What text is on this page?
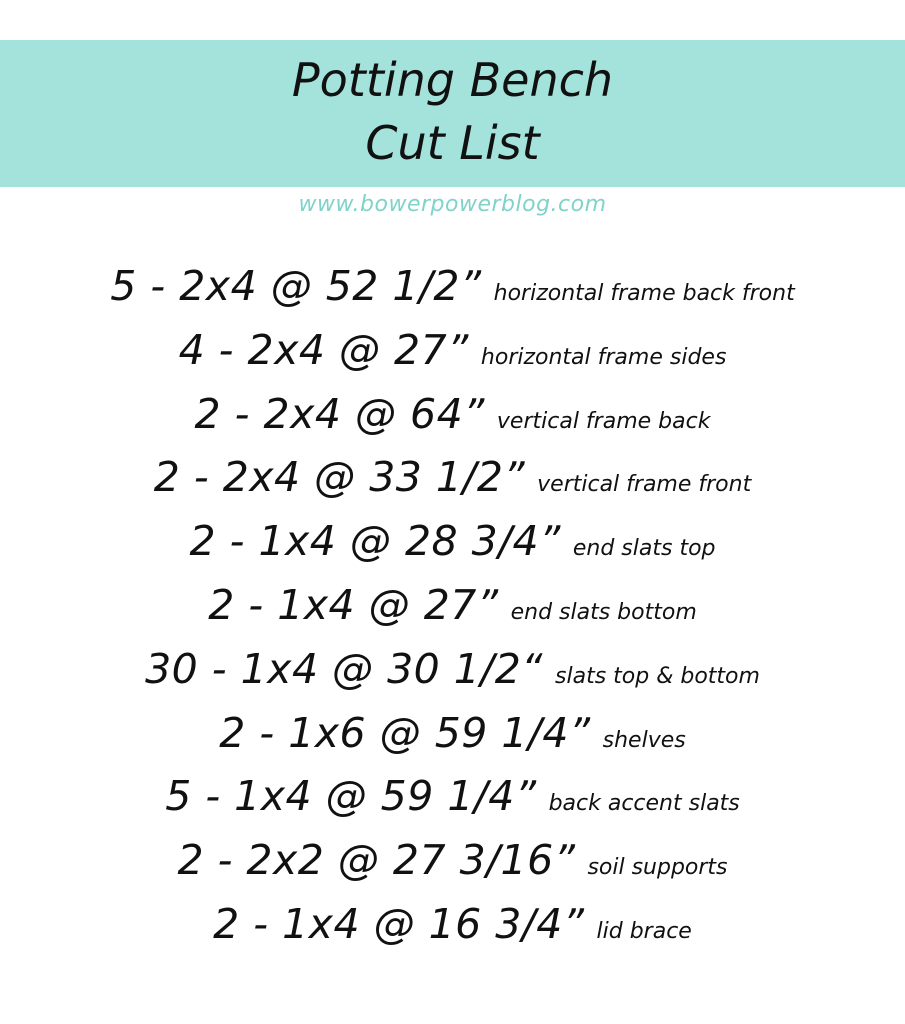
Potting Bench
Cut List
www.bowerpowerblog.com
5 - 2x4 @ 52 1/2” horizontal frame back front
4 - 2x4 @ 27” horizontal frame sides
2 - 2x4 @ 64” vertical frame back
2 - 2x4 @ 33 1/2” vertical frame front
2 - 1x4 @ 28 3/4” end slats top
2 - 1x4 @ 27” end slats bottom
30 - 1x4 @ 30 1/2“ slats top & bottom
2 - 1x6 @ 59 1/4” shelves
5 - 1x4 @ 59 1/4” back accent slats
2 - 2x2 @ 27 3/16” soil supports
2 - 1x4 @ 16 3/4” lid brace
